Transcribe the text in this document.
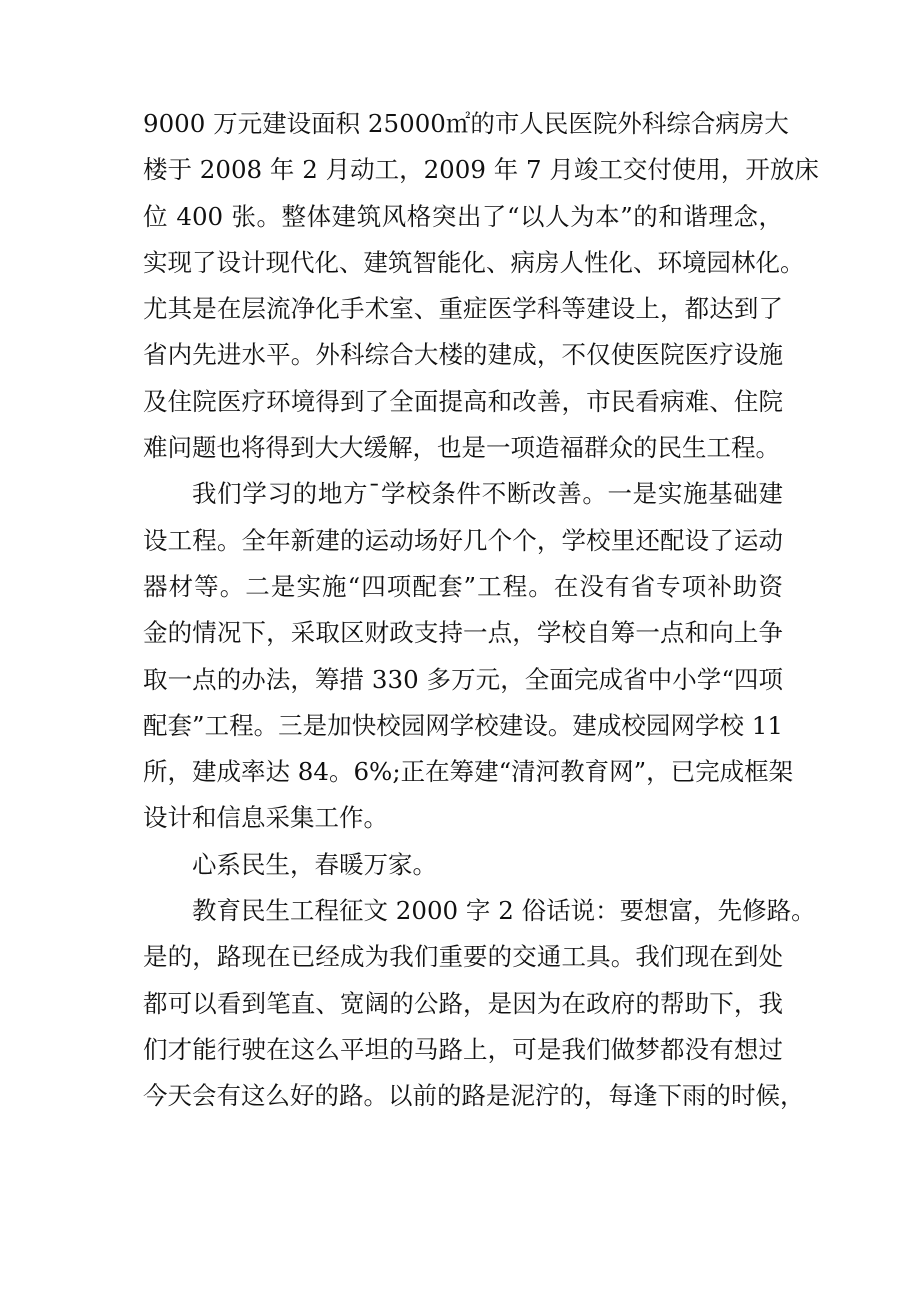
9000 万元建设面积 25000㎡的市人民医院外科综合病房大
楼于 2008 年 2 月动工，2009 年 7 月竣工交付使用，开放床
位 400 张。整体建筑风格突出了“以人为本”的和谐理念，
实现了设计现代化、建筑智能化、病房人性化、环境园林化。
尤其是在层流净化手术室、重症医学科等建设上，都达到了
省内先进水平。外科综合大楼的建成，不仅使医院医疗设施
及住院医疗环境得到了全面提高和改善，市民看病难、住院
难问题也将得到大大缓解，也是一项造福群众的民生工程。
我们学习的地方¯学校条件不断改善。一是实施基础建
设工程。全年新建的运动场好几个个，学校里还配设了运动
器材等。二是实施“四项配套”工程。在没有省专项补助资
金的情况下，采取区财政支持一点，学校自筹一点和向上争
取一点的办法，筹措 330 多万元，全面完成省中小学“四项
配套”工程。三是加快校园网学校建设。建成校园网学校 11
所，建成率达 84。6%;正在筹建“清河教育网”，已完成框架
设计和信息采集工作。
心系民生，春暖万家。
教育民生工程征文 2000 字 2 俗话说：要想富，先修路。
是的，路现在已经成为我们重要的交通工具。我们现在到处
都可以看到笔直、宽阔的公路，是因为在政府的帮助下，我
们才能行驶在这么平坦的马路上，可是我们做梦都没有想过
今天会有这么好的路。以前的路是泥泞的，每逢下雨的时候，
